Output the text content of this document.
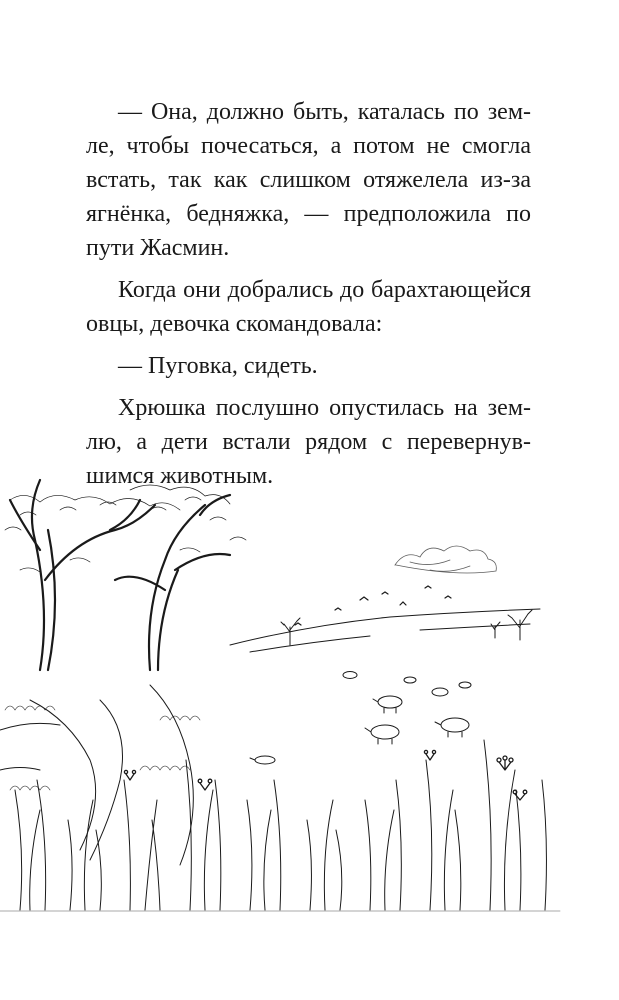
— Она, должно быть, каталась по зем-
ле, чтобы почесаться, а потом не смогла
встать, так как слишком отяжелела из-за
ягнёнка, бедняжка, — предположила по
пути Жасмин.

Когда они добрались до барахтающейся
овцы, девочка скомандовала:

— Пуговка, сидеть.

Хрюшка послушно опустилась на зем-
лю, а дети встали рядом с перевернув-
шимся животным.
